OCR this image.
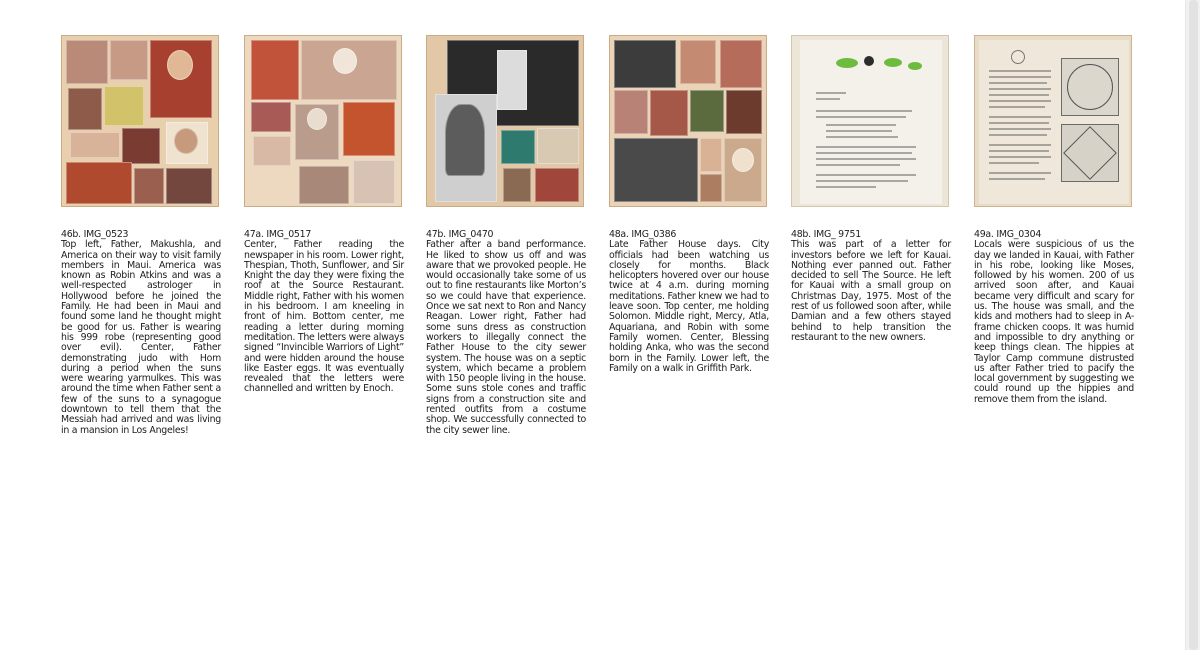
46b. IMG_0523
Top left, Father, Makushla, and America on their way to visit family members in Maui. America was known as Robin Atkins and was a well-respected astrologer in Hollywood before he joined the Family. He had been in Maui and found some land he thought might be good for us. Father is wearing his 999 robe (representing good over evil). Center, Father demonstrating judo with Hom during a period when the suns were wearing yarmulkes. This was around the time when Father sent a few of the suns to a synagogue downtown to tell them that the Messiah had arrived and was living in a mansion in Los Angeles!
47a. IMG_0517
Center, Father reading the newspaper in his room. Lower right, Thespian, Thoth, Sunflower, and Sir Knight the day they were fixing the roof at the Source Restaurant. Middle right, Father with his women in his bedroom. I am kneeling in front of him. Bottom center, me reading a letter during morning meditation. The letters were always signed “Invincible Warriors of Light” and were hidden around the house like Easter eggs. It was eventually revealed that the letters were channelled and written by Enoch.
47b. IMG_0470
Father after a band performance. He liked to show us off and was aware that we provoked people. He would occasionally take some of us out to fine restaurants like Morton’s so we could have that experience. Once we sat next to Ron and Nancy Reagan. Lower right, Father had some suns dress as construction workers to illegally connect the Father House to the city sewer system. The house was on a septic system, which became a problem with 150 people living in the house. Some suns stole cones and traffic signs from a construction site and rented outfits from a costume shop. We successfully connected to the city sewer line.
48a. IMG_0386
Late Father House days. City officials had been watching us closely for months. Black helicopters hovered over our house twice at 4 a.m. during morning meditations. Father knew we had to leave soon. Top center, me holding Solomon. Middle right, Mercy, Atla, Aquariana, and Robin with some Family women. Center, Blessing holding Anka, who was the second born in the Family. Lower left, the Family on a walk in Griffith Park.
48b. IMG_ 9751
This was part of a letter for investors before we left for Kauai. Nothing ever panned out. Father decided to sell The Source. He left for Kauai with a small group on Christmas Day, 1975. Most of the rest of us followed soon after, while Damian and a few others stayed behind to help transition the restaurant to the new owners.
49a. IMG_0304
Locals were suspicious of us the day we landed in Kauai, with Father in his robe, looking like Moses, followed by his women. 200 of us arrived soon after, and Kauai became very difficult and scary for us. The house was small, and the kids and mothers had to sleep in A-frame chicken coops. It was humid and impossible to dry anything or keep things clean. The hippies at Taylor Camp commune distrusted us after Father tried to pacify the local government by suggesting we could round up the hippies and remove them from the island.
